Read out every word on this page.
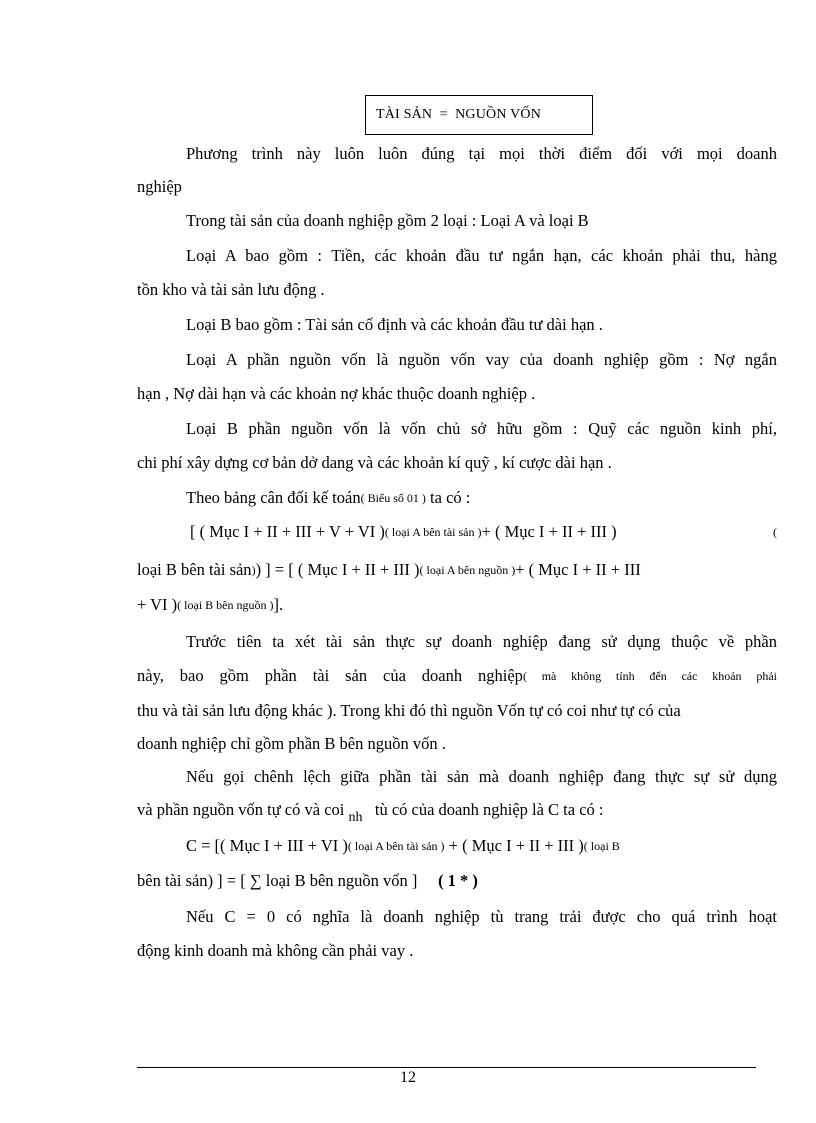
TÀI SẢN  =  NGUỒN VỐN
Phương trình này luôn luôn đúng tại mọi thời điểm đối với mọi doanh
nghiệp
Trong tài sản của doanh nghiệp gồm 2 loại : Loại A và loại B
Loại A bao gồm : Tiền, các khoản đầu tư ngắn hạn, các khoản phải thu, hàng
tồn kho và tài sản lưu động .
Loại B bao gồm : Tài sản cố định và các khoản đầu tư dài hạn .
Loại A phần nguồn vốn là nguồn vốn vay của doanh nghiệp gồm : Nợ ngắn
hạn , Nợ dài hạn và các khoản nợ khác thuộc doanh nghiệp .
Loại B phần nguồn vốn là vốn chủ sở hữu gồm : Quỹ các nguồn kinh phí,
chi phí xây dựng cơ bản dở dang và các khoản kí quỹ , kí cược dài hạn .
Theo bảng cân đối kế toán( Biểu số 01 ) ta có :
[ ( Mục I + II + III + V + VI )( loại A bên tài sản )+ ( Mục I + II + III )	(
loại B bên tài sản)) ] = [ ( Mục I + II + III )( loại A bên nguồn )+ ( Mục I + II + III
+ VI )( loại B bên nguồn )].
Trước tiên ta xét tài sản thực sự doanh nghiệp đang sử dụng thuộc về phần
này, bao gồm phần tài sản của doanh nghiệp( mà không tính đến các khoản phải
thu và tài sản lưu động khác ). Trong khi đó thì nguồn Vốn tự có coi như tự có của
doanh nghiệp chỉ gồm phần B bên nguồn vốn .
Nếu gọi chênh lệch giữa phần tài sản mà doanh nghiệp đang thực sự sử dụng
và phần nguồn vốn tự có và coi $_{nh}$ tù có của doanh nghiệp là C ta có :
C = [( Mục I + III + VI )( loại A bên tài sản ) + ( Mục I + II + III )( loại B
bên tài sản) ] = [ ∑ loại B bên nguồn vốn ] ( 1 * )
Nếu C = 0 có nghĩa là doanh nghiệp tù trang trải được cho quá trình hoạt
động kinh doanh mà không cần phải vay .
12
